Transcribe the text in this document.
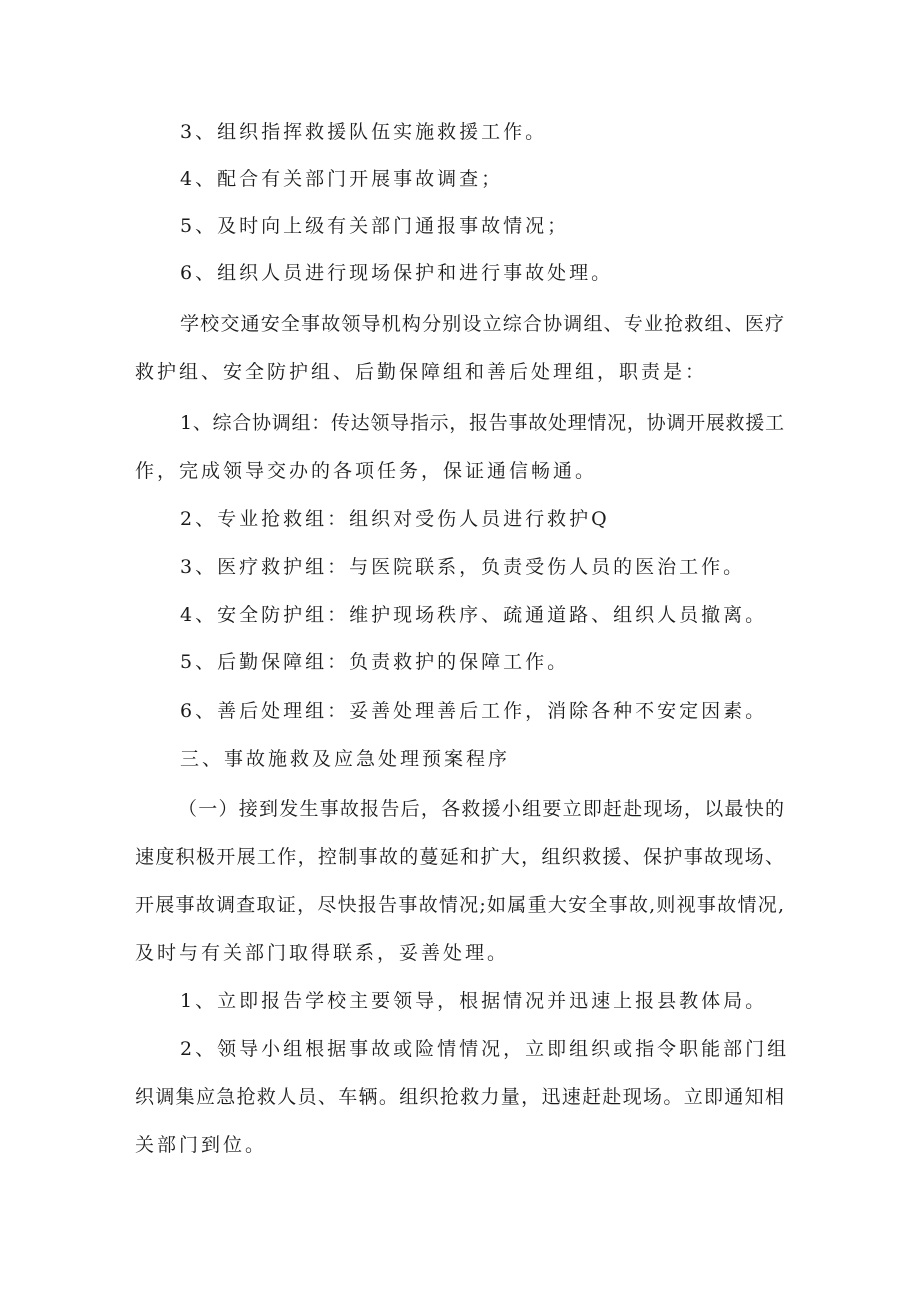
3、组织指挥救援队伍实施救援工作。
4、配合有关部门开展事故调查；
5、及时向上级有关部门通报事故情况；
6、组织人员进行现场保护和进行事故处理。
学校交通安全事故领导机构分别设立综合协调组、专业抢救组、医疗
救护组、安全防护组、后勤保障组和善后处理组，职责是：
1、综合协调组：传达领导指示，报告事故处理情况，协调开展救援工
作，完成领导交办的各项任务，保证通信畅通。
2、专业抢救组：组织对受伤人员进行救护Q
3、医疗救护组：与医院联系，负责受伤人员的医治工作。
4、安全防护组：维护现场秩序、疏通道路、组织人员撤离。
5、后勤保障组：负责救护的保障工作。
6、善后处理组：妥善处理善后工作，消除各种不安定因素。
三、事故施救及应急处理预案程序
（一）接到发生事故报告后，各救援小组要立即赶赴现场，以最快的
速度积极开展工作，控制事故的蔓延和扩大，组织救援、保护事故现场、
开展事故调查取证，尽快报告事故情况;如属重大安全事故,则视事故情况,
及时与有关部门取得联系，妥善处理。
1、立即报告学校主要领导，根据情况并迅速上报县教体局。
2、领导小组根据事故或险情情况，立即组织或指令职能部门组
织调集应急抢救人员、车辆。组织抢救力量，迅速赶赴现场。立即通知相
关部门到位。
